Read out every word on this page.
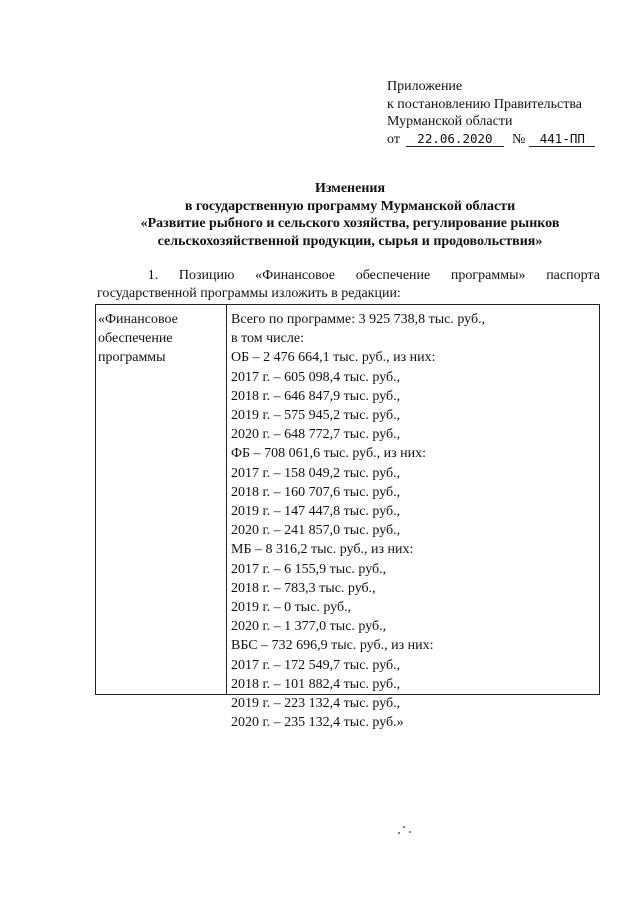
Приложение
к постановлению Правительства
Мурманской области
от 22.06.2020 № 441-ПП
Изменения
в государственную программу Мурманской области
«Развитие рыбного и сельского хозяйства, регулирование рынков
сельскохозяйственной продукции, сырья и продовольствия»
1. Позицию «Финансовое обеспечение программы» паспорта
государственной программы изложить в редакции:
«Финансовое
обеспечение
программы
Всего по программе: 3 925 738,8 тыс. руб.,
в том числе:
ОБ – 2 476 664,1 тыс. руб., из них:
2017 г. – 605 098,4 тыс. руб.,
2018 г. – 646 847,9 тыс. руб.,
2019 г. – 575 945,2 тыс. руб.,
2020 г. – 648 772,7 тыс. руб.,
ФБ – 708 061,6 тыс. руб., из них:
2017 г. – 158 049,2 тыс. руб.,
2018 г. – 160 707,6 тыс. руб.,
2019 г. – 147 447,8 тыс. руб.,
2020 г. – 241 857,0 тыс. руб.,
МБ – 8 316,2 тыс. руб., из них:
2017 г. – 6 155,9 тыс. руб.,
2018 г. – 783,3 тыс. руб.,
2019 г. – 0 тыс. руб.,
2020 г. – 1 377,0 тыс. руб.,
ВБС – 732 696,9 тыс. руб., из них:
2017 г. – 172 549,7 тыс. руб.,
2018 г. – 101 882,4 тыс. руб.,
2019 г. – 223 132,4 тыс. руб.,
2020 г. – 235 132,4 тыс. руб.»
